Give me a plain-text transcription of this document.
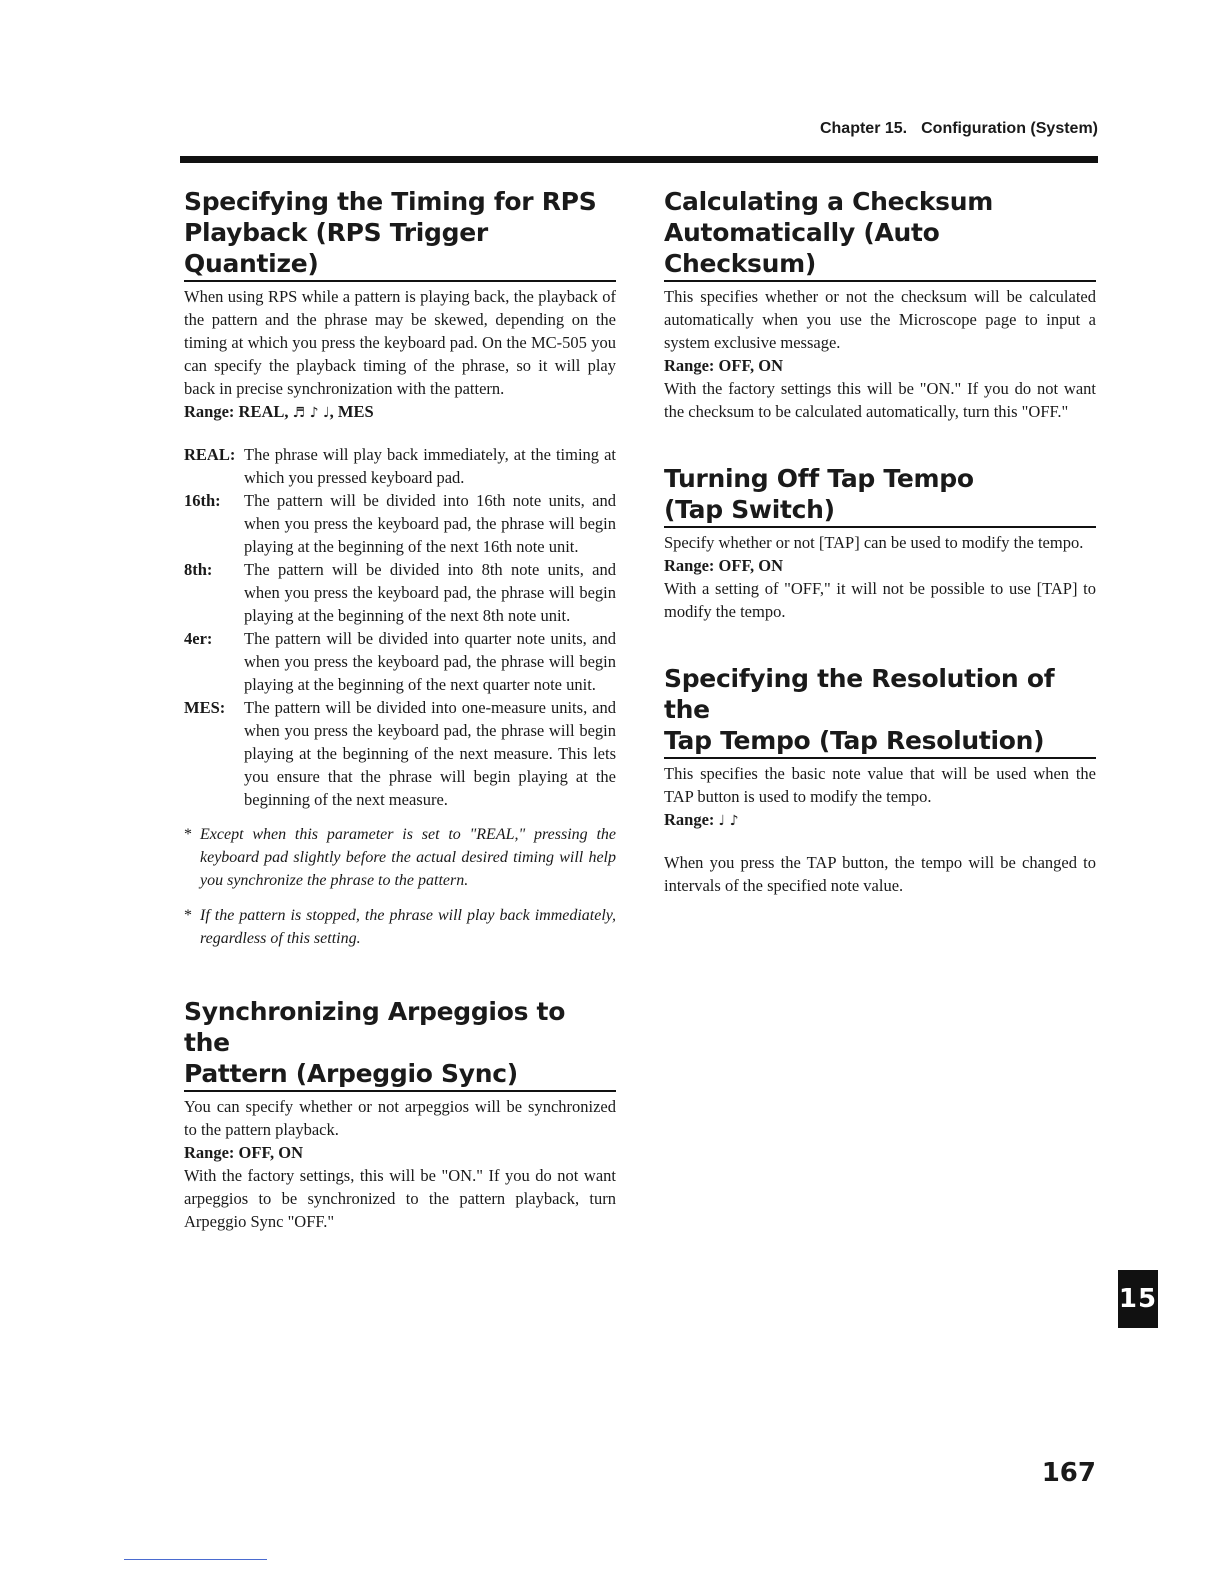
Chapter 15. Configuration (System)
Specifying the Timing for RPS
Playback (RPS Trigger Quantize)

When using RPS while a pattern is playing back, the playback of the pattern and the phrase may be skewed, depending on the timing at which you press the keyboard pad. On the MC-505 you can specify the playback timing of the phrase, so it will play back in precise synchronization with the pattern.

Range: REAL, ♬ ♪ ♩, MES
REAL: The phrase will play back immediately, at the timing at which you pressed keyboard pad.
16th:	The pattern will be divided into 16th note units, and when you press the keyboard pad, the phrase will begin playing at the beginning of the next 16th note unit.
8th:	The pattern will be divided into 8th note units, and when you press the keyboard pad, the phrase will begin playing at the beginning of the next 8th note unit.
4er:	The pattern will be divided into quarter note units, and when you press the keyboard pad, the phrase will begin playing at the beginning of the next quarter note unit.
MES:	The pattern will be divided into one-measure units, and when you press the keyboard pad, the phrase will begin playing at the beginning of the next measure. This lets you ensure that the phrase will begin playing at the beginning of the next measure.
* Except when this parameter is set to "REAL," pressing the keyboard pad slightly before the actual desired timing will help you synchronize the phrase to the pattern.
* If the pattern is stopped, the phrase will play back immediately, regardless of this setting.
Synchronizing Arpeggios to the
Pattern (Arpeggio Sync)

You can specify whether or not arpeggios will be synchronized to the pattern playback.

Range: OFF, ON

With the factory settings, this will be "ON." If you do not want arpeggios to be synchronized to the pattern playback, turn Arpeggio Sync "OFF."

Calculating a Checksum
Automatically (Auto Checksum)

This specifies whether or not the checksum will be calculated automatically when you use the Microscope page to input a system exclusive message.

Range: OFF, ON

With the factory settings this will be "ON." If you do not want the checksum to be calculated automatically, turn this "OFF."

Turning Off Tap Tempo
(Tap Switch)

Specify whether or not [TAP] can be used to modify the tempo.

Range: OFF, ON

With a setting of "OFF," it will not be possible to use [TAP] to modify the tempo.

Specifying the Resolution of the
Tap Tempo (Tap Resolution)

This specifies the basic note value that will be used when the TAP button is used to modify the tempo.

Range: ♩ ♪

When you press the TAP button, the tempo will be changed to intervals of the specified note value.

15
167
